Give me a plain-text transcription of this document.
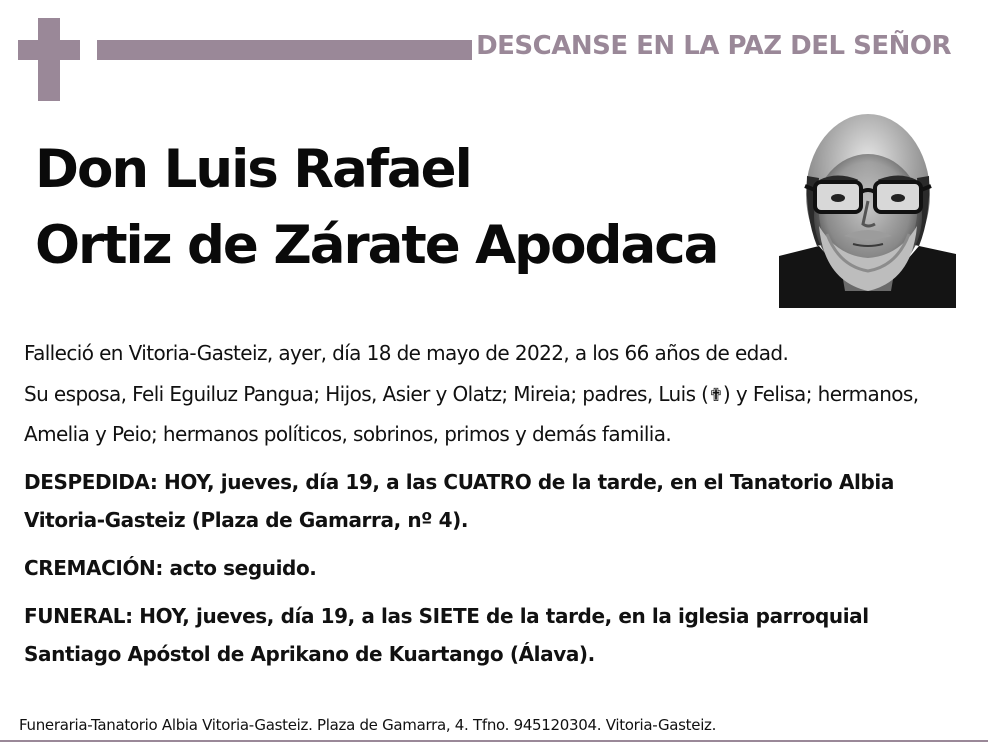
DESCANSE EN LA PAZ DEL SEÑOR
Don Luis Rafael
Ortiz de Zárate Apodaca

Falleció en Vitoria-Gasteiz, ayer, día 18 de mayo de 2022, a los 66 años de edad.

Su esposa, Feli Eguiluz Pangua; Hijos, Asier y Olatz; Mireia; padres, Luis (✟) y Felisa; hermanos, Amelia y Peio; hermanos políticos, sobrinos, primos y demás familia.

DESPEDIDA: HOY, jueves, día 19, a las CUATRO de la tarde, en el Tanatorio Albia Vitoria-Gasteiz (Plaza de Gamarra, nº 4).

CREMACIÓN: acto seguido.

FUNERAL: HOY, jueves, día 19, a las SIETE de la tarde, en la iglesia parroquial Santiago Apóstol de Aprikano de Kuartango (Álava).

Funeraria-Tanatorio Albia Vitoria-Gasteiz. Plaza de Gamarra, 4. Tfno. 945120304. Vitoria-Gasteiz.
